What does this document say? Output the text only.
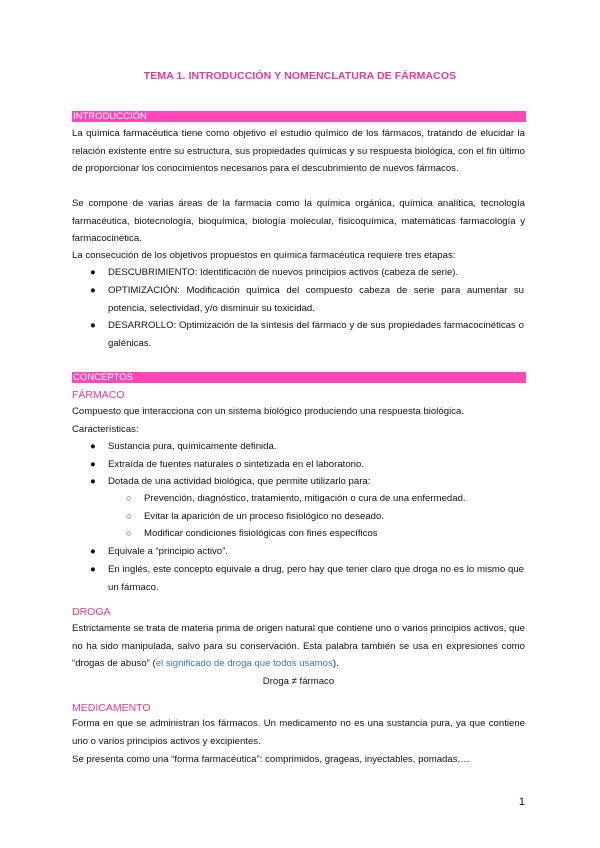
TEMA 1. INTRODUCCIÓN Y NOMENCLATURA DE FÁRMACOS
INTRODUCCIÓN
La química farmacéutica tiene como objetivo el estudio químico de los fármacos, tratando de elucidar la relación existente entre su estructura, sus propiedades químicas y su respuesta biológica, con el fin último de proporcionar los conocimientos necesarios para el descubrimiento de nuevos fármacos.
Se compone de varias áreas de la farmacia como la química orgánica, química analítica, tecnología farmacéutica, biotecnología, bioquímica, biología molecular, fisicoquímica, matemáticas farmacología y farmacocinética.
La consecución de los objetivos propuestos en química farmacéutica requiere tres etapas:
●	DESCUBRIMIENTO: Identificación de nuevos principios activos (cabeza de serie).
●	OPTIMIZACIÓN: Modificación química del compuesto cabeza de serie para aumentar su potencia, selectividad, y/o disminuir su toxicidad.
●	DESARROLLO: Optimización de la síntesis del fármaco y de sus propiedades farmacocinéticas o galénicas.
CONCEPTOS
FÁRMACO
Compuesto que interacciona con un sistema biológico produciendo una respuesta biológica.
Características:
●	Sustancia pura, químicamente definida.
●	Extraída de fuentes naturales o sintetizada en el laboratorio.
●	Dotada de una actividad biológica, que permite utilizarlo para:
○	Prevención, diagnóstico, tratamiento, mitigación o cura de una enfermedad.
○	Evitar la aparición de un proceso fisiológico no deseado.
○	Modificar condiciones fisiológicas con fines específicos
●	Equivale a “principio activo”.
●	En inglés, este concepto equivale a drug, pero hay que tener claro que droga no es lo mismo que un fármaco.
DROGA
Estrictamente se trata de materia prima de origen natural que contiene uno o varios principios activos, que no ha sido manipulada, salvo para su conservación. Esta palabra también se usa en expresiones como “drogas de abuso” (el significado de droga que todos usamos).
Droga ≠ fármaco
MEDICAMENTO
Forma en que se administran los fármacos. Un medicamento no es una sustancia pura, ya que contiene uno o varios principios activos y excipientes.
Se presenta como una “forma farmacéutica”: comprimidos, grageas, inyectables, pomadas,…
1
